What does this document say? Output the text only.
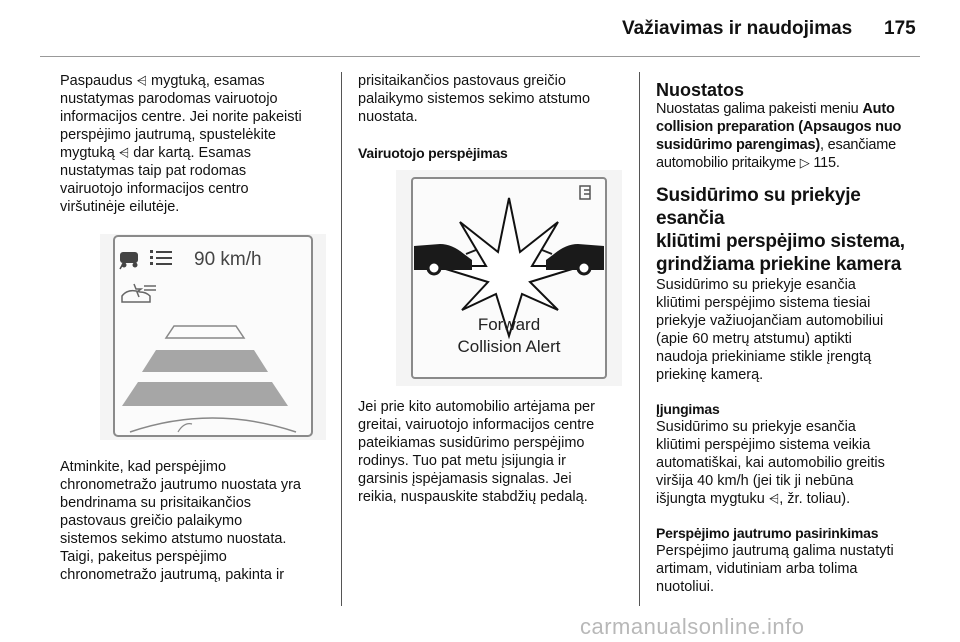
Važiavimas ir naudojimas 175

Paspaudus ⩤ mygtuką, esamas
nustatymas parodomas vairuotojo
informacijos centre. Jei norite pakeisti
perspėjimo jautrumą, spustelėkite
mygtuką ⩤ dar kartą. Esamas
nustatymas taip pat rodomas
vairuotojo informacijos centro
viršutinėje eilutėje.

90 km/h

Atminkite, kad perspėjimo
chronometražo jautrumo nuostata yra
bendrinama su prisitaikančios
pastovaus greičio palaikymo
sistemos sekimo atstumo nuostata.
Taigi, pakeitus perspėjimo
chronometražo jautrumą, pakinta ir

prisitaikančios pastovaus greičio
palaikymo sistemos sekimo atstumo
nuostata.

Vairuotojo perspėjimas

Forward
Collision Alert

Jei prie kito automobilio artėjama per
greitai, vairuotojo informacijos centre
pateikiamas susidūrimo perspėjimo
rodinys. Tuo pat metu įsijungia ir
garsinis įspėjamasis signalas. Jei
reikia, nuspauskite stabdžių pedalą.

Nuostatos

Nuostatas galima pakeisti meniu Auto
collision preparation (Apsaugos nuo
susidūrimo parengimas), esančiame
automobilio pritaikyme ▷ 115.

Susidūrimo su priekyje esančia
kliūtimi perspėjimo sistema,
grindžiama priekine kamera

Susidūrimo su priekyje esančia
kliūtimi perspėjimo sistema tiesiai
priekyje važiuojančiam automobiliui
(apie 60 metrų atstumu) aptikti
naudoja priekiniame stikle įrengtą
priekinę kamerą.

Įjungimas

Susidūrimo su priekyje esančia
kliūtimi perspėjimo sistema veikia
automatiškai, kai automobilio greitis
viršija 40 km/h (jei tik ji nebūna
išjungta mygtuku ⩤, žr. toliau).

Perspėjimo jautrumo pasirinkimas

Perspėjimo jautrumą galima nustatyti
artimam, vidutiniam arba tolima
nuotoliui.

carmanualsonline.info
